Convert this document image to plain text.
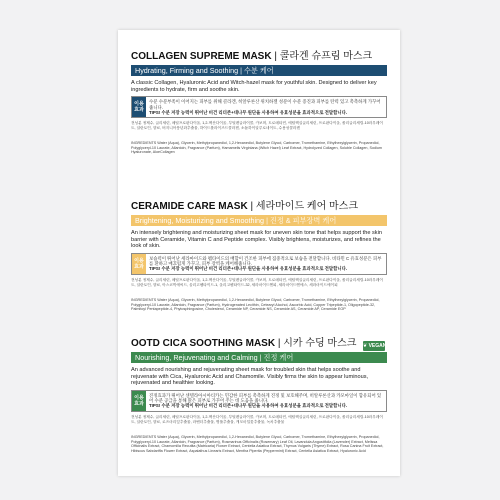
COLLAGEN SUPREME MASK | 콜라겐 슈프림 마스크
Hydrating, Firming and Soothing | 수분 케어
A classic Collagen, Hyaluronic Acid and Witch-hazel mask for youthful skin. Designed to deliver key ingredients to hydrate, firm and soothe skin.
이용
효과
수분 수분부족이 이어지는 피부를 위해 콜라겐, 히알루론산 위치하젤 성분이 수분 증진과 피부를 탄력 있고 촉촉하게 가꾸어줍니다.
TIPS! 수분 저장 능력이 뛰어난 비건 리더존+대나무 원단을 사용하여 유효성분을 효과적으로 전달합니다.
전성분 정제수, 글리세린, 메틸프로판다이올, 1,2-헥산다이올, 부틸렌글라이콜, 카보머, 트로메타민, 에틸헥실글리세린, 프로판다이올, 폴리글리세릴-10라우레이트, 알란토인, 향료, 버지니아풍년화추출물, 하이드롤라이즈드콜라겐, 소듐하이알루로네이트, 수용성콜라겐
INGREDIENTS Water (Aqua), Glycerin, Methylpropanediol, 1,2-Hexanediol, Butylene Glycol, Carbomer, Tromethamine, Ethylhexylglycerin, Propanediol, Polyglyceryl-10 Laurate, Allantoin, Fragrance (Parfum), Hamamelis Virginiana (Witch Hazel) Leaf Extract, Hydrolyzed Collagen, Soluble Collagen, Sodium Hyaluronate, AloeCollagen
CERAMIDE CARE MASK | 세라마이드 케어 마스크
Brightening, Moisturizing and Smoothing | 진정 & 피부장벽 케어
An intensely brightening and moisturizing sheet mask for uneven skin tone that helps support the skin barrier with Ceramide, Vitamin C and Peptide complex. Visibly brightens, moisturizes, and refines the look of skin.
이용
효과
보습력이 뛰어난 세라마이드와 펩타이드의 배합이 건조한 피부에 집중적으로 보습을 전달합니다. 비타민 C 유효성분은 피부를 환하고 매끄럽게 가꾸고, 피부 장벽을 케어해줍니다.
TIPS! 수분 저장 능력이 뛰어난 비건 리더존+대나무 원단을 사용하여 유효성분을 효과적으로 전달합니다.
전성분 정제수, 글리세린, 메틸프로판다이올, 1,2-헥산다이올, 부틸렌글라이콜, 카보머, 트로메타민, 에틸헥실글리세린, 프로판다이올, 폴리글리세릴-10라우레이트, 알란토인, 향료, 아스코빅애씨드, 올리고펩타이드-1, 올리고펩타이드-32, 세라마이드엔피, 세라마이드엔에스, 세라마이드에이피
INGREDIENTS Water (Aqua), Glycerin, Methylpropanediol, 1,2-Hexanediol, Butylene Glycol, Carbomer, Tromethamine, Ethylhexylglycerin, Propanediol, Polyglyceryl-10 Laurate, Allantoin, Fragrance (Parfum), Hydrogenated Lecithin, Cetearyl Alcohol, Ascorbic Acid, Copper Tripeptide-1, Oligopeptide-32, Palmitoyl Pentapeptide-4, Phytosphingosine, Cholesterol, Ceramide NP, Ceramide NS, Ceramide AS, Ceramide AP, Ceramide EOP
OOTD CICA SOOTHING MASK | 시카 수딩 마스크
Nourishing, Rejuvenating and Calming | 진정 케어
❦ VEGAN
An advanced nourishing and rejuvenating sheet mask for troubled skin that helps soothe and rejuvenate with Cica, Hyaluronic Acid and Chamomile. Visibly firms the skin to appear luminous, rejuvenated and healthier looking.
이용
효과
진정효과가 뛰어난 센텔라아시아티카는 민감한 피부를 촉촉하게 진정 및 보호해주며, 히알루론산과 카모마일이 함유되어 있어 수분 공급을 통해 맑은 피부로 가꾸어 주는 데 도움을 줍니다.
TIPS! 수분 저장 능력이 뛰어난 비건 리더존+대나무 원단을 사용하여 유효성분을 효과적으로 전달합니다.
전성분 정제수, 글리세린, 메틸프로판다이올, 1,2-헥산다이올, 부틸렌글라이콜, 카보머, 트로메타민, 에틸헥실글리세린, 프로판다이올, 폴리글리세릴-10라우레이트, 알란토인, 향료, 로즈마리잎추출물, 라벤더추출물, 병풀추출물, 캐모마일꽃추출물, 녹차추출물
INGREDIENTS Water (Aqua), Glycerin, Methylpropanediol, 1,2-Hexanediol, Butylene Glycol, Carbomer, Tromethamine, Ethylhexylglycerin, Propanediol, Polyglyceryl-10 Laurate, Allantoin, Fragrance (Parfum), Rosmarinus Officinalis (Rosemary) Leaf Oil, Lavandula Angustifolia (Lavender) Extract, Melissa Officinalis Extract, Chamomilla Recutita (Matricaria) Flower Extract, Centella Asiatica Extract, Thymus Vulgaris (Thyme) Extract, Rosa Canina Fruit Extract, Hibiscus Sabdariffa Flower Extract, Aspalathus Linearis Extract, Mentha Piperita (Peppermint) Extract, Centella Asiatica Extract, Hyaluronic Acid
